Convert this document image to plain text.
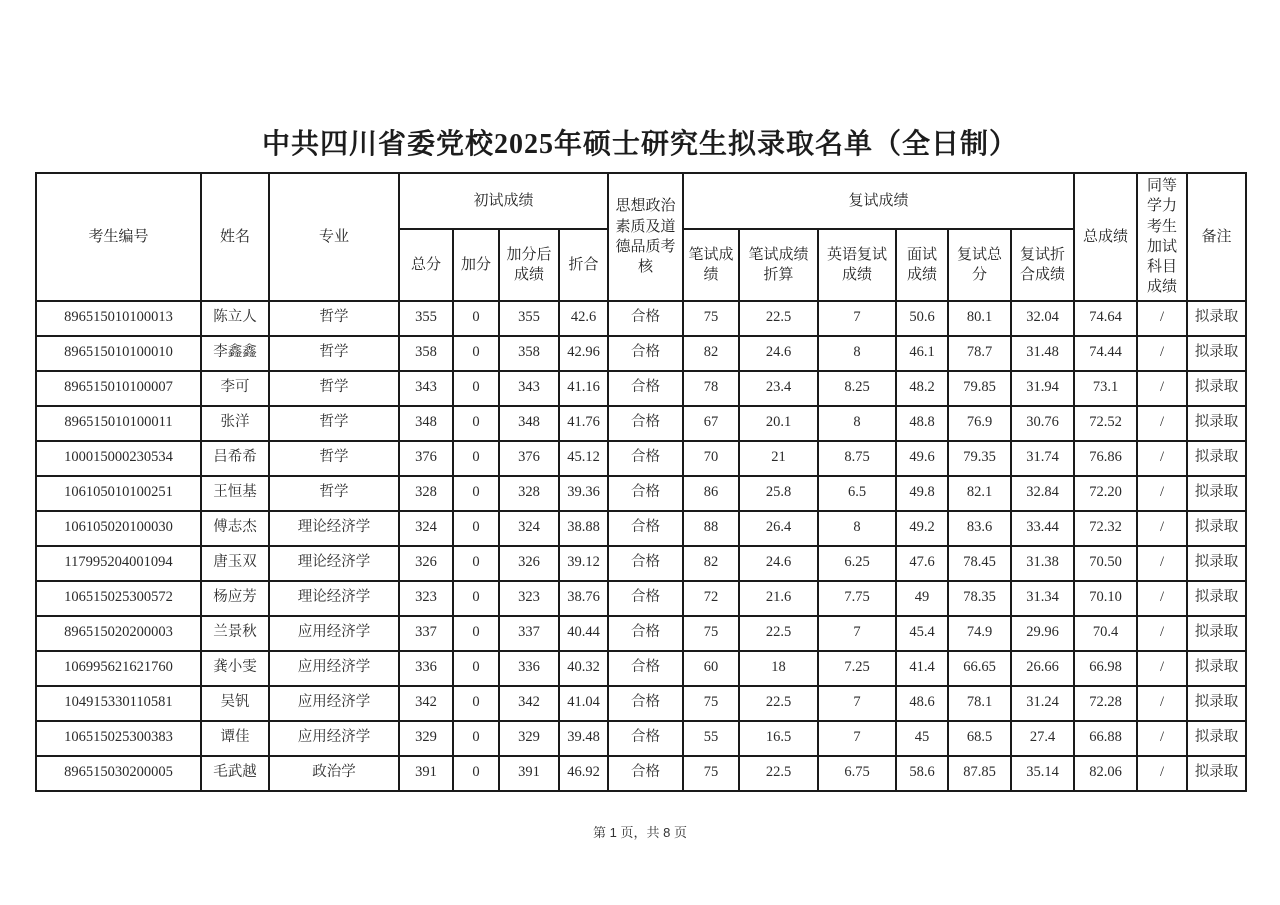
中共四川省委党校2025年硕士研究生拟录取名单（全日制）
考生编号	姓名	专业	初试成绩				思想政治素质及道德品质考核	复试成绩						总成绩	同等学力考生加试科目成绩	备注
			总分	加分	加分后成绩	折合		笔试成绩	笔试成绩折算	英语复试成绩	面试成绩	复试总分	复试折合成绩			
896515010100013	陈立人	哲学	355	0	355	42.6	合格	75	22.5	7	50.6	80.1	32.04	74.64	/	拟录取
896515010100010	李鑫鑫	哲学	358	0	358	42.96	合格	82	24.6	8	46.1	78.7	31.48	74.44	/	拟录取
896515010100007	李可	哲学	343	0	343	41.16	合格	78	23.4	8.25	48.2	79.85	31.94	73.1	/	拟录取
896515010100011	张洋	哲学	348	0	348	41.76	合格	67	20.1	8	48.8	76.9	30.76	72.52	/	拟录取
100015000230534	吕希希	哲学	376	0	376	45.12	合格	70	21	8.75	49.6	79.35	31.74	76.86	/	拟录取
106105010100251	王恒基	哲学	328	0	328	39.36	合格	86	25.8	6.5	49.8	82.1	32.84	72.20	/	拟录取
106105020100030	傅志杰	理论经济学	324	0	324	38.88	合格	88	26.4	8	49.2	83.6	33.44	72.32	/	拟录取
117995204001094	唐玉双	理论经济学	326	0	326	39.12	合格	82	24.6	6.25	47.6	78.45	31.38	70.50	/	拟录取
106515025300572	杨应芳	理论经济学	323	0	323	38.76	合格	72	21.6	7.75	49	78.35	31.34	70.10	/	拟录取
896515020200003	兰景秋	应用经济学	337	0	337	40.44	合格	75	22.5	7	45.4	74.9	29.96	70.4	/	拟录取
106995621621760	龚小雯	应用经济学	336	0	336	40.32	合格	60	18	7.25	41.4	66.65	26.66	66.98	/	拟录取
104915330110581	吴钒	应用经济学	342	0	342	41.04	合格	75	22.5	7	48.6	78.1	31.24	72.28	/	拟录取
106515025300383	谭佳	应用经济学	329	0	329	39.48	合格	55	16.5	7	45	68.5	27.4	66.88	/	拟录取
896515030200005	毛武越	政治学	391	0	391	46.92	合格	75	22.5	6.75	58.6	87.85	35.14	82.06	/	拟录取
第 1 页，共 8 页
